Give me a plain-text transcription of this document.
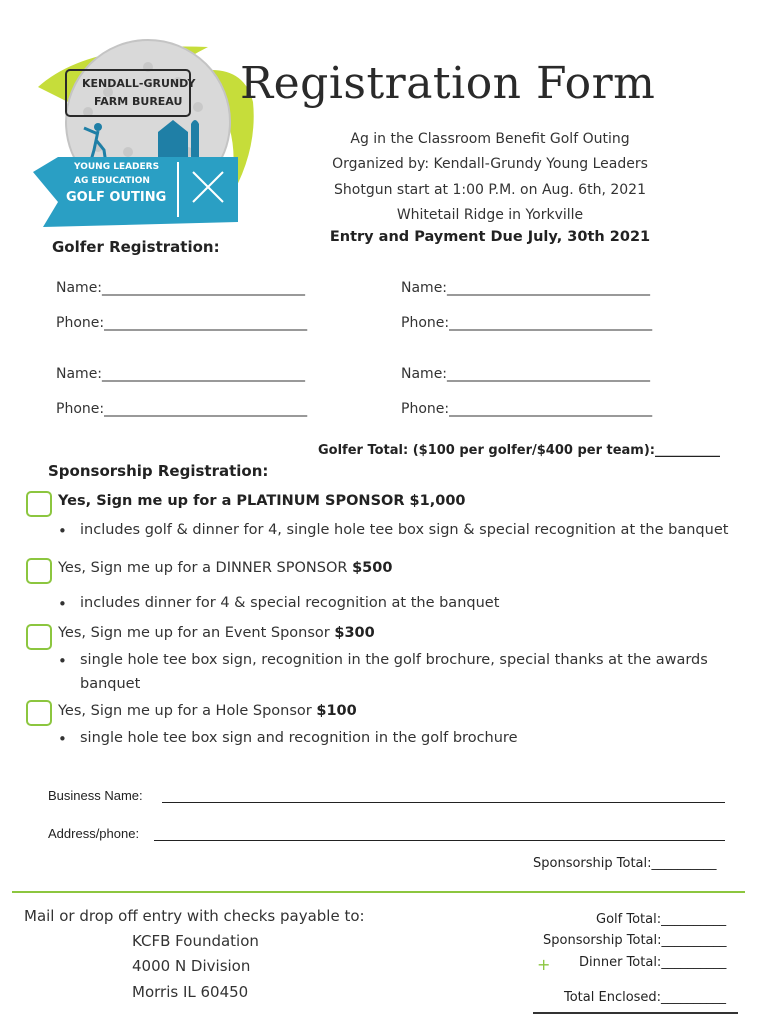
KENDALL-GRUNDY
FARM BUREAU
YOUNG LEADERS
AG EDUCATION
GOLF OUTING
Registration Form
Ag in the Classroom Benefit Golf Outing
Organized by: Kendall-Grundy Young Leaders
Shotgun start at 1:00 P.M. on Aug. 6th, 2021
Whitetail Ridge in Yorkville
Entry and Payment Due July, 30th 2021
Golfer Registration:
Name:_____________________________	Name:_____________________________
Phone:_____________________________	Phone:_____________________________
Name:_____________________________	Name:_____________________________
Phone:_____________________________	Phone:_____________________________
Golfer Total: ($100 per golfer/$400 per team):__________
Sponsorship Registration:
Yes, Sign me up for a PLATINUM SPONSOR $1,000
• includes golf & dinner for 4, single hole tee box sign & special recognition at the banquet
Yes, Sign me up for a DINNER SPONSOR $500
• includes dinner for 4 & special recognition at the banquet
Yes, Sign me up for an Event Sponsor $300
• single hole tee box sign, recognition in the golf brochure, special thanks at the awards
banquet
Yes, Sign me up for a Hole Sponsor $100
• single hole tee box sign and recognition in the golf brochure
Business Name:
Address/phone:
Sponsorship Total:__________
Mail or drop off entry with checks payable to:
KCFB Foundation
4000 N Division
Morris IL 60450
Golf Total:__________
Sponsorship Total:__________
+ Dinner Total:__________
Total Enclosed:__________
